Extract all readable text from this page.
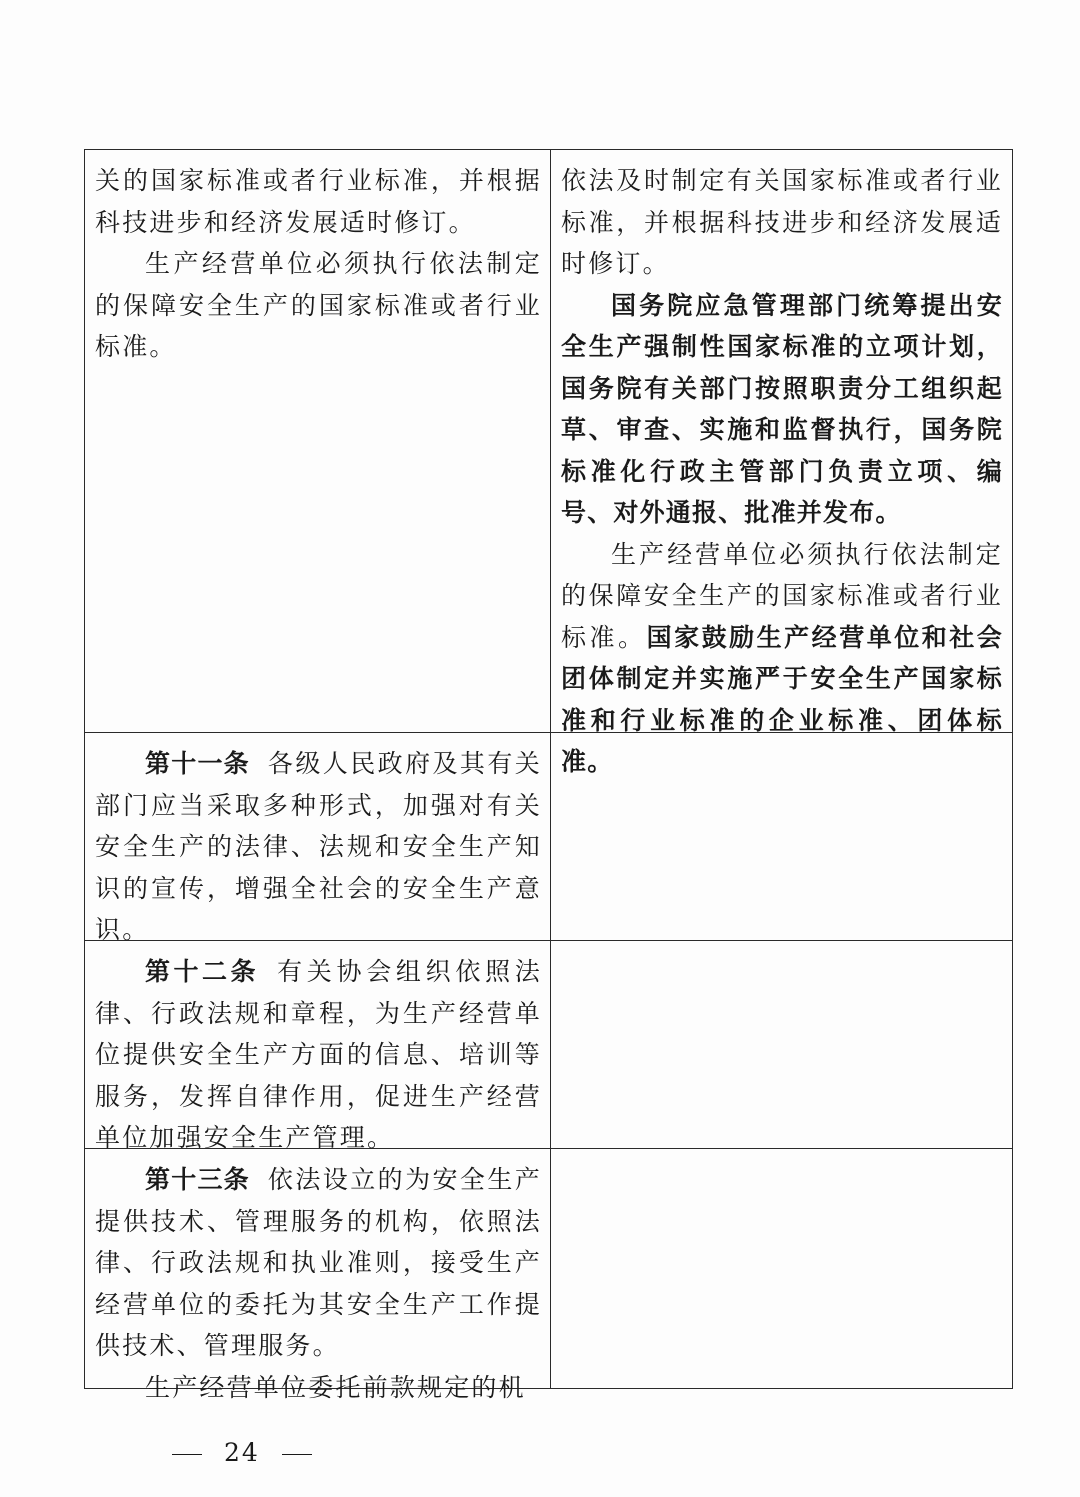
关的国家标准或者行业标准，并根据科技进步和经济发展适时修订。

生产经营单位必须执行依法制定的保障安全生产的国家标准或者行业标准。

依法及时制定有关国家标准或者行业标准，并根据科技进步和经济发展适时修订。

国务院应急管理部门统筹提出安全生产强制性国家标准的立项计划，国务院有关部门按照职责分工组织起草、审查、实施和监督执行，国务院标准化行政主管部门负责立项、编号、对外通报、批准并发布。

生产经营单位必须执行依法制定的保障安全生产的国家标准或者行业标准。国家鼓励生产经营单位和社会团体制定并实施严于安全生产国家标准和行业标准的企业标准、团体标准。

第十一条 各级人民政府及其有关部门应当采取多种形式，加强对有关安全生产的法律、法规和安全生产知识的宣传，增强全社会的安全生产意识。

第十二条 有关协会组织依照法律、行政法规和章程，为生产经营单位提供安全生产方面的信息、培训等服务，发挥自律作用，促进生产经营单位加强安全生产管理。

第十三条 依法设立的为安全生产提供技术、管理服务的机构，依照法律、行政法规和执业准则，接受生产经营单位的委托为其安全生产工作提供技术、管理服务。

生产经营单位委托前款规定的机

24
